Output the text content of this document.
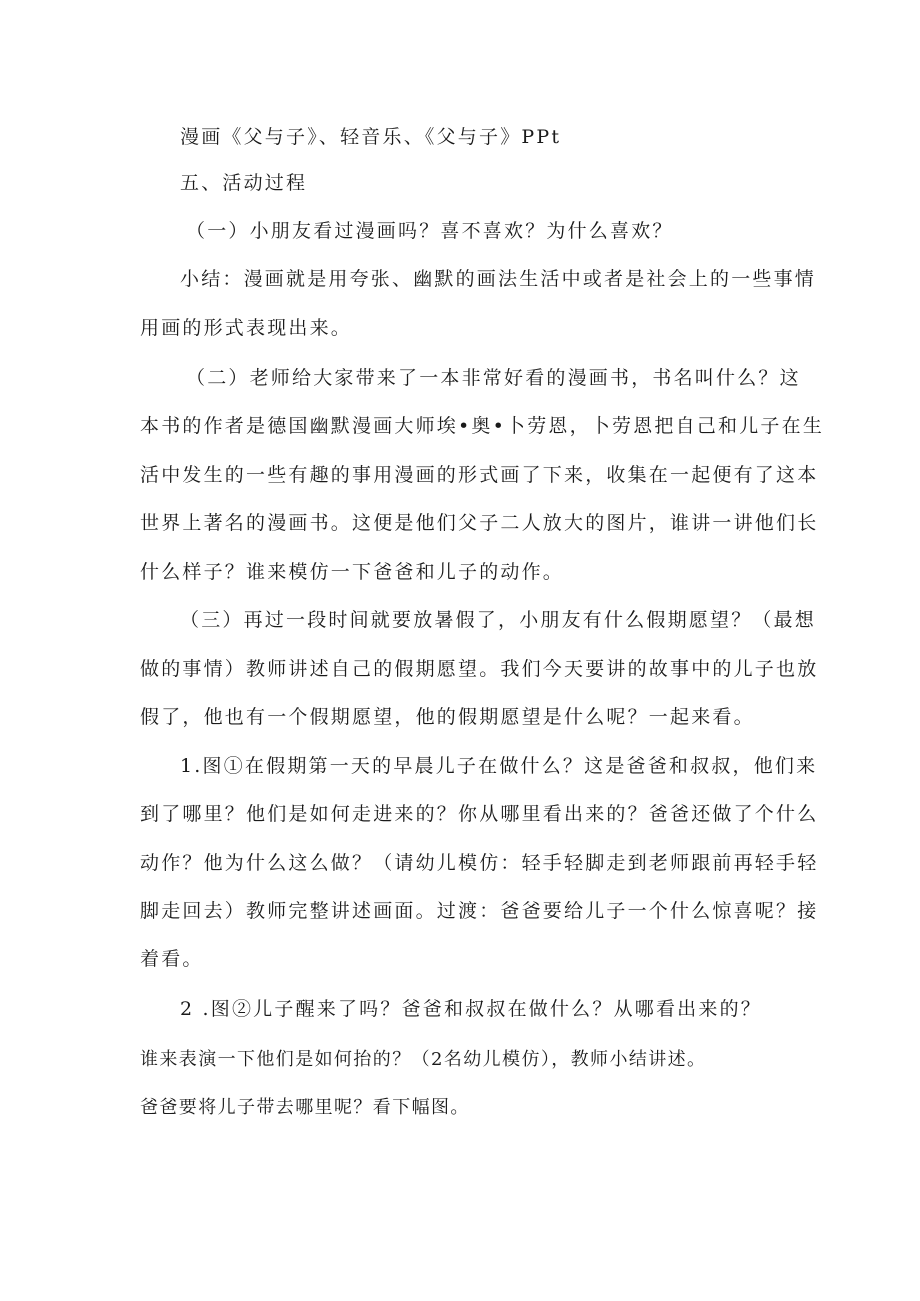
漫画《父与子》、轻音乐、《父与子》PPt
五、活动过程
（一）小朋友看过漫画吗？喜不喜欢？为什么喜欢？
小结：漫画就是用夸张、幽默的画法生活中或者是社会上的一些事情
用画的形式表现出来。
（二）老师给大家带来了一本非常好看的漫画书，书名叫什么？这
本书的作者是德国幽默漫画大师埃•奥•卜劳恩，卜劳恩把自己和儿子在生
活中发生的一些有趣的事用漫画的形式画了下来，收集在一起便有了这本
世界上著名的漫画书。这便是他们父子二人放大的图片，谁讲一讲他们长
什么样子？谁来模仿一下爸爸和儿子的动作。
（三）再过一段时间就要放暑假了，小朋友有什么假期愿望？（最想
做的事情）教师讲述自己的假期愿望。我们今天要讲的故事中的儿子也放
假了，他也有一个假期愿望，他的假期愿望是什么呢？一起来看。
1.图①在假期第一天的早晨儿子在做什么？这是爸爸和叔叔，他们来
到了哪里？他们是如何走进来的？你从哪里看出来的？爸爸还做了个什么
动作？他为什么这么做？（请幼儿模仿：轻手轻脚走到老师跟前再轻手轻
脚走回去）教师完整讲述画面。过渡：爸爸要给儿子一个什么惊喜呢？接
着看。
2 .图②儿子醒来了吗？爸爸和叔叔在做什么？从哪看出来的？
谁来表演一下他们是如何抬的？（2名幼儿模仿），教师小结讲述。
爸爸要将儿子带去哪里呢？看下幅图。
